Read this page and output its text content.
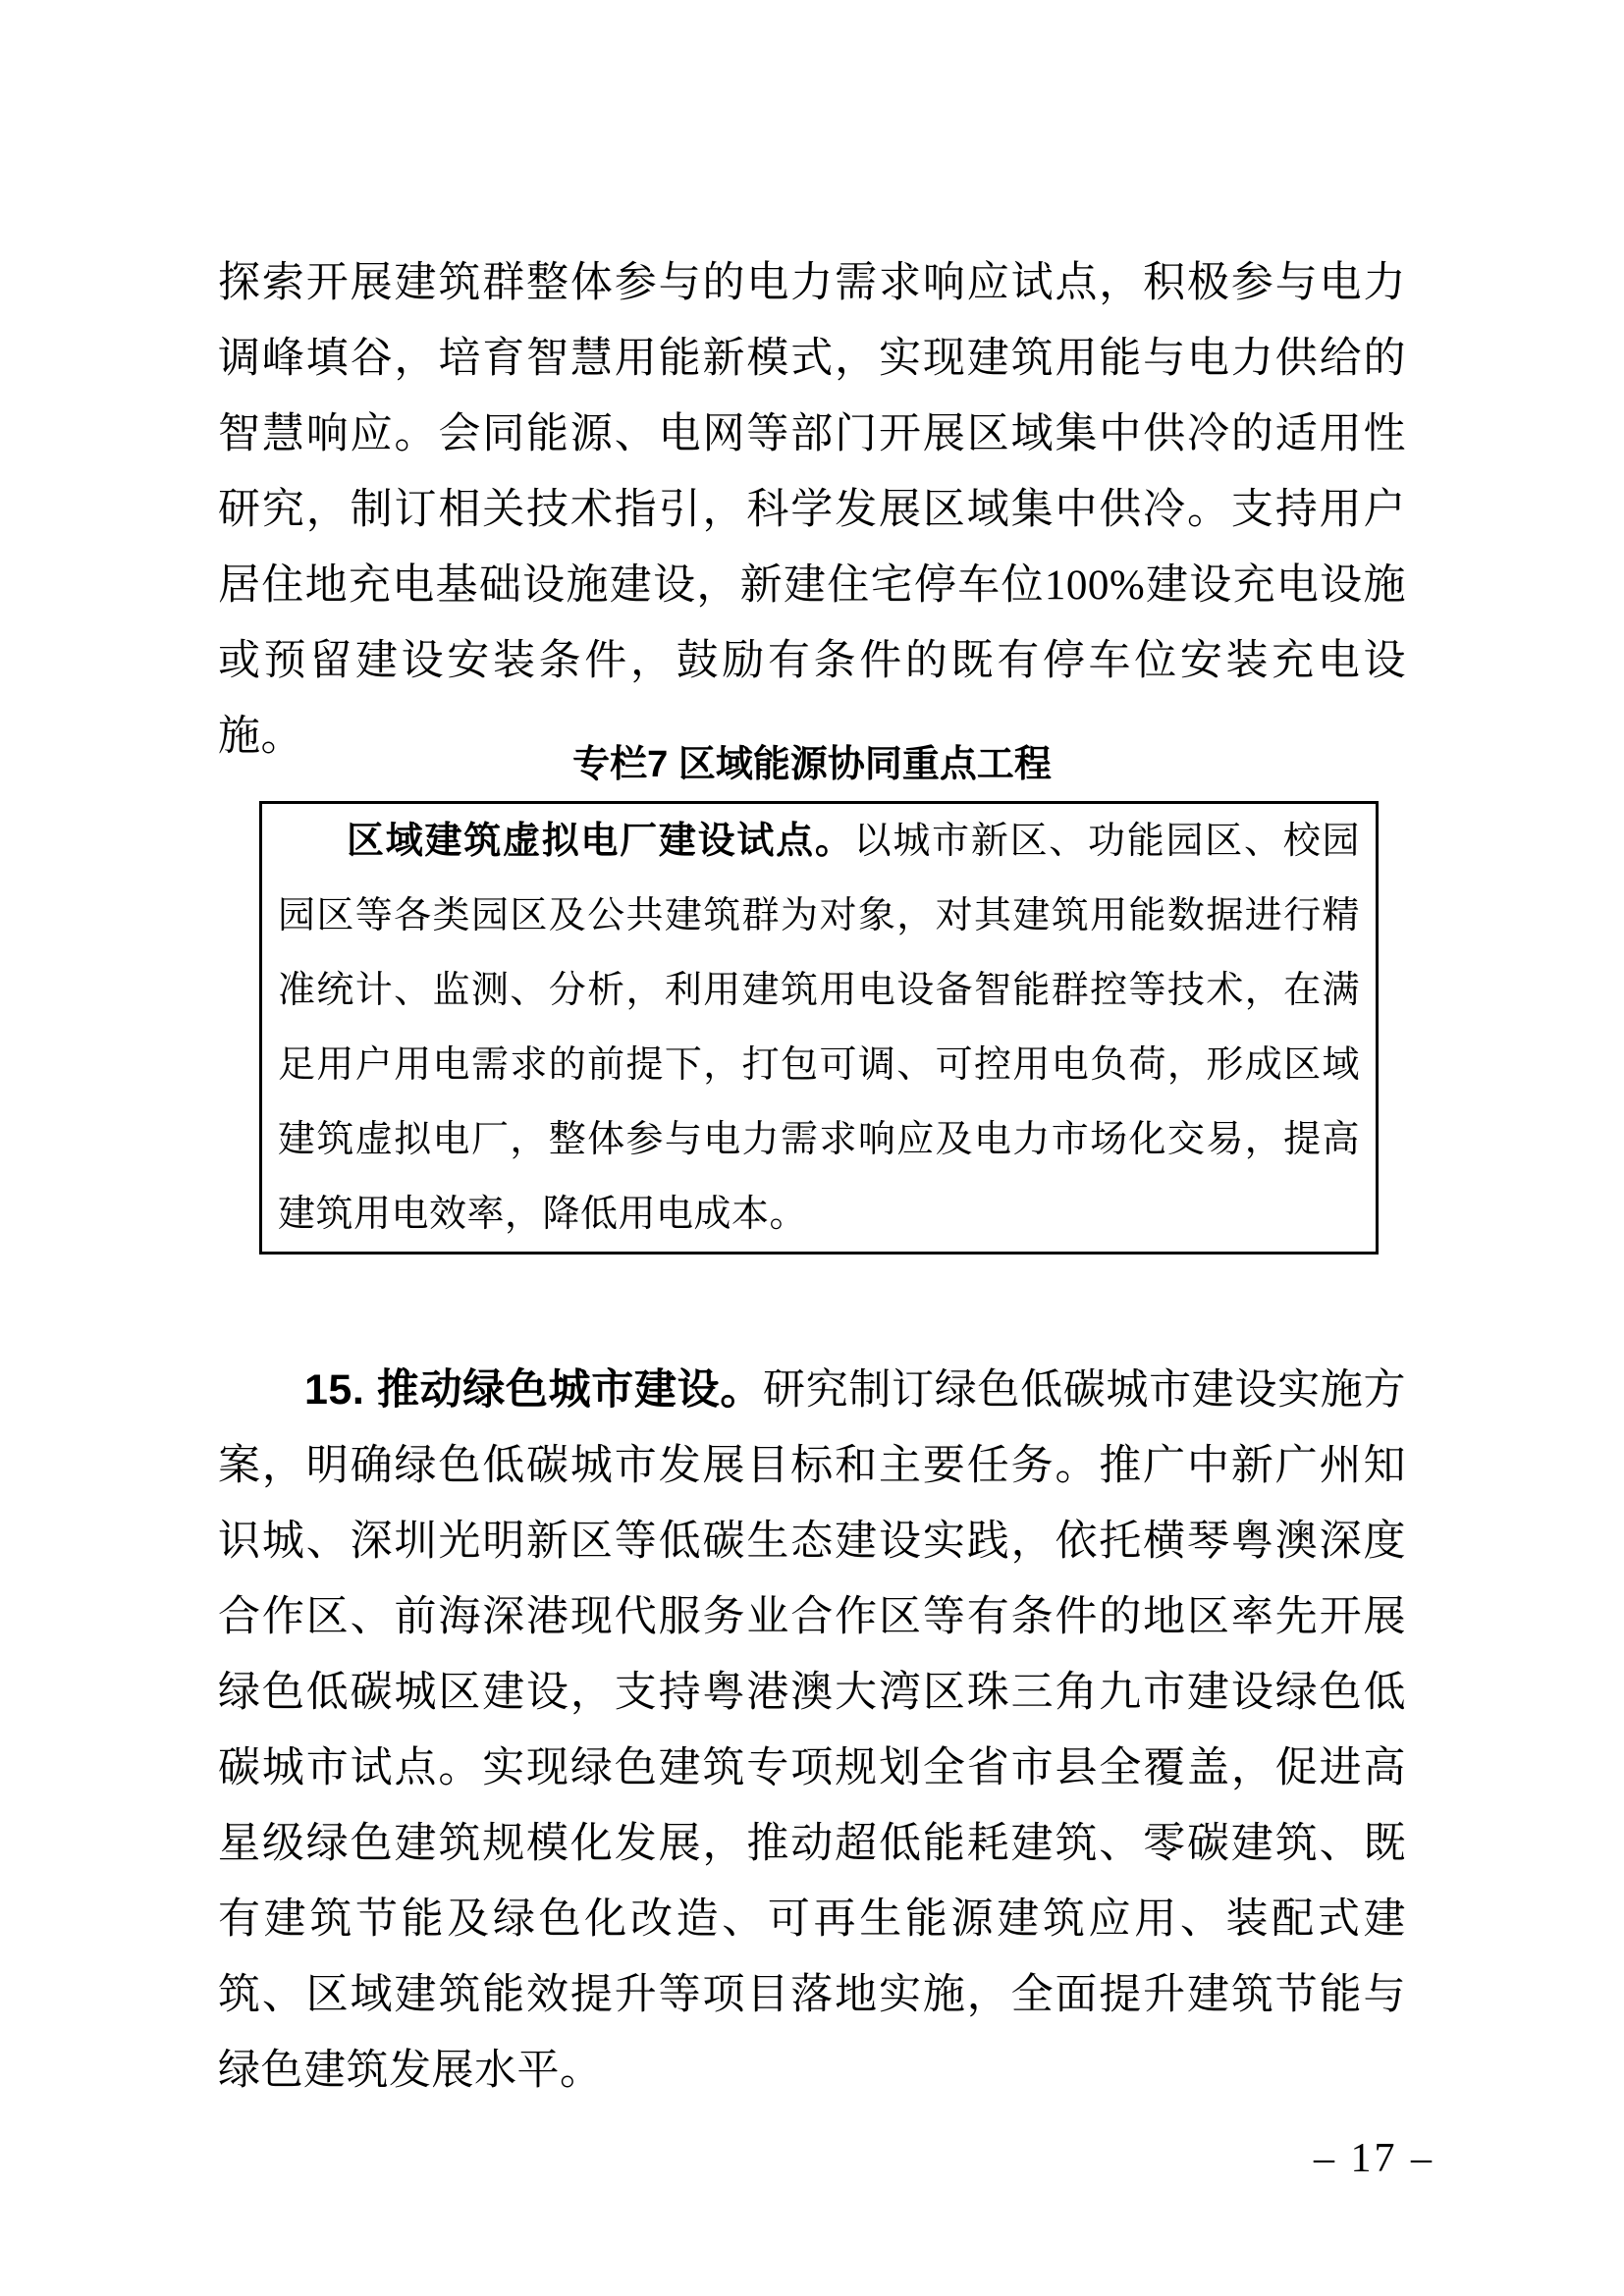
探索开展建筑群整体参与的电力需求响应试点，积极参与电力调峰填谷，培育智慧用能新模式，实现建筑用能与电力供给的智慧响应。会同能源、电网等部门开展区域集中供冷的适用性研究，制订相关技术指引，科学发展区域集中供冷。支持用户居住地充电基础设施建设，新建住宅停车位100%建设充电设施或预留建设安装条件，鼓励有条件的既有停车位安装充电设施。

专栏7 区域能源协同重点工程

区域建筑虚拟电厂建设试点。以城市新区、功能园区、校园园区等各类园区及公共建筑群为对象，对其建筑用能数据进行精准统计、监测、分析，利用建筑用电设备智能群控等技术，在满足用户用电需求的前提下，打包可调、可控用电负荷，形成区域建筑虚拟电厂，整体参与电力需求响应及电力市场化交易，提高建筑用电效率，降低用电成本。

15. 推动绿色城市建设。研究制订绿色低碳城市建设实施方案，明确绿色低碳城市发展目标和主要任务。推广中新广州知识城、深圳光明新区等低碳生态建设实践，依托横琴粤澳深度合作区、前海深港现代服务业合作区等有条件的地区率先开展绿色低碳城区建设，支持粤港澳大湾区珠三角九市建设绿色低碳城市试点。实现绿色建筑专项规划全省市县全覆盖，促进高星级绿色建筑规模化发展，推动超低能耗建筑、零碳建筑、既有建筑节能及绿色化改造、可再生能源建筑应用、装配式建筑、区域建筑能效提升等项目落地实施，全面提升建筑节能与绿色建筑发展水平。

– 17 –
